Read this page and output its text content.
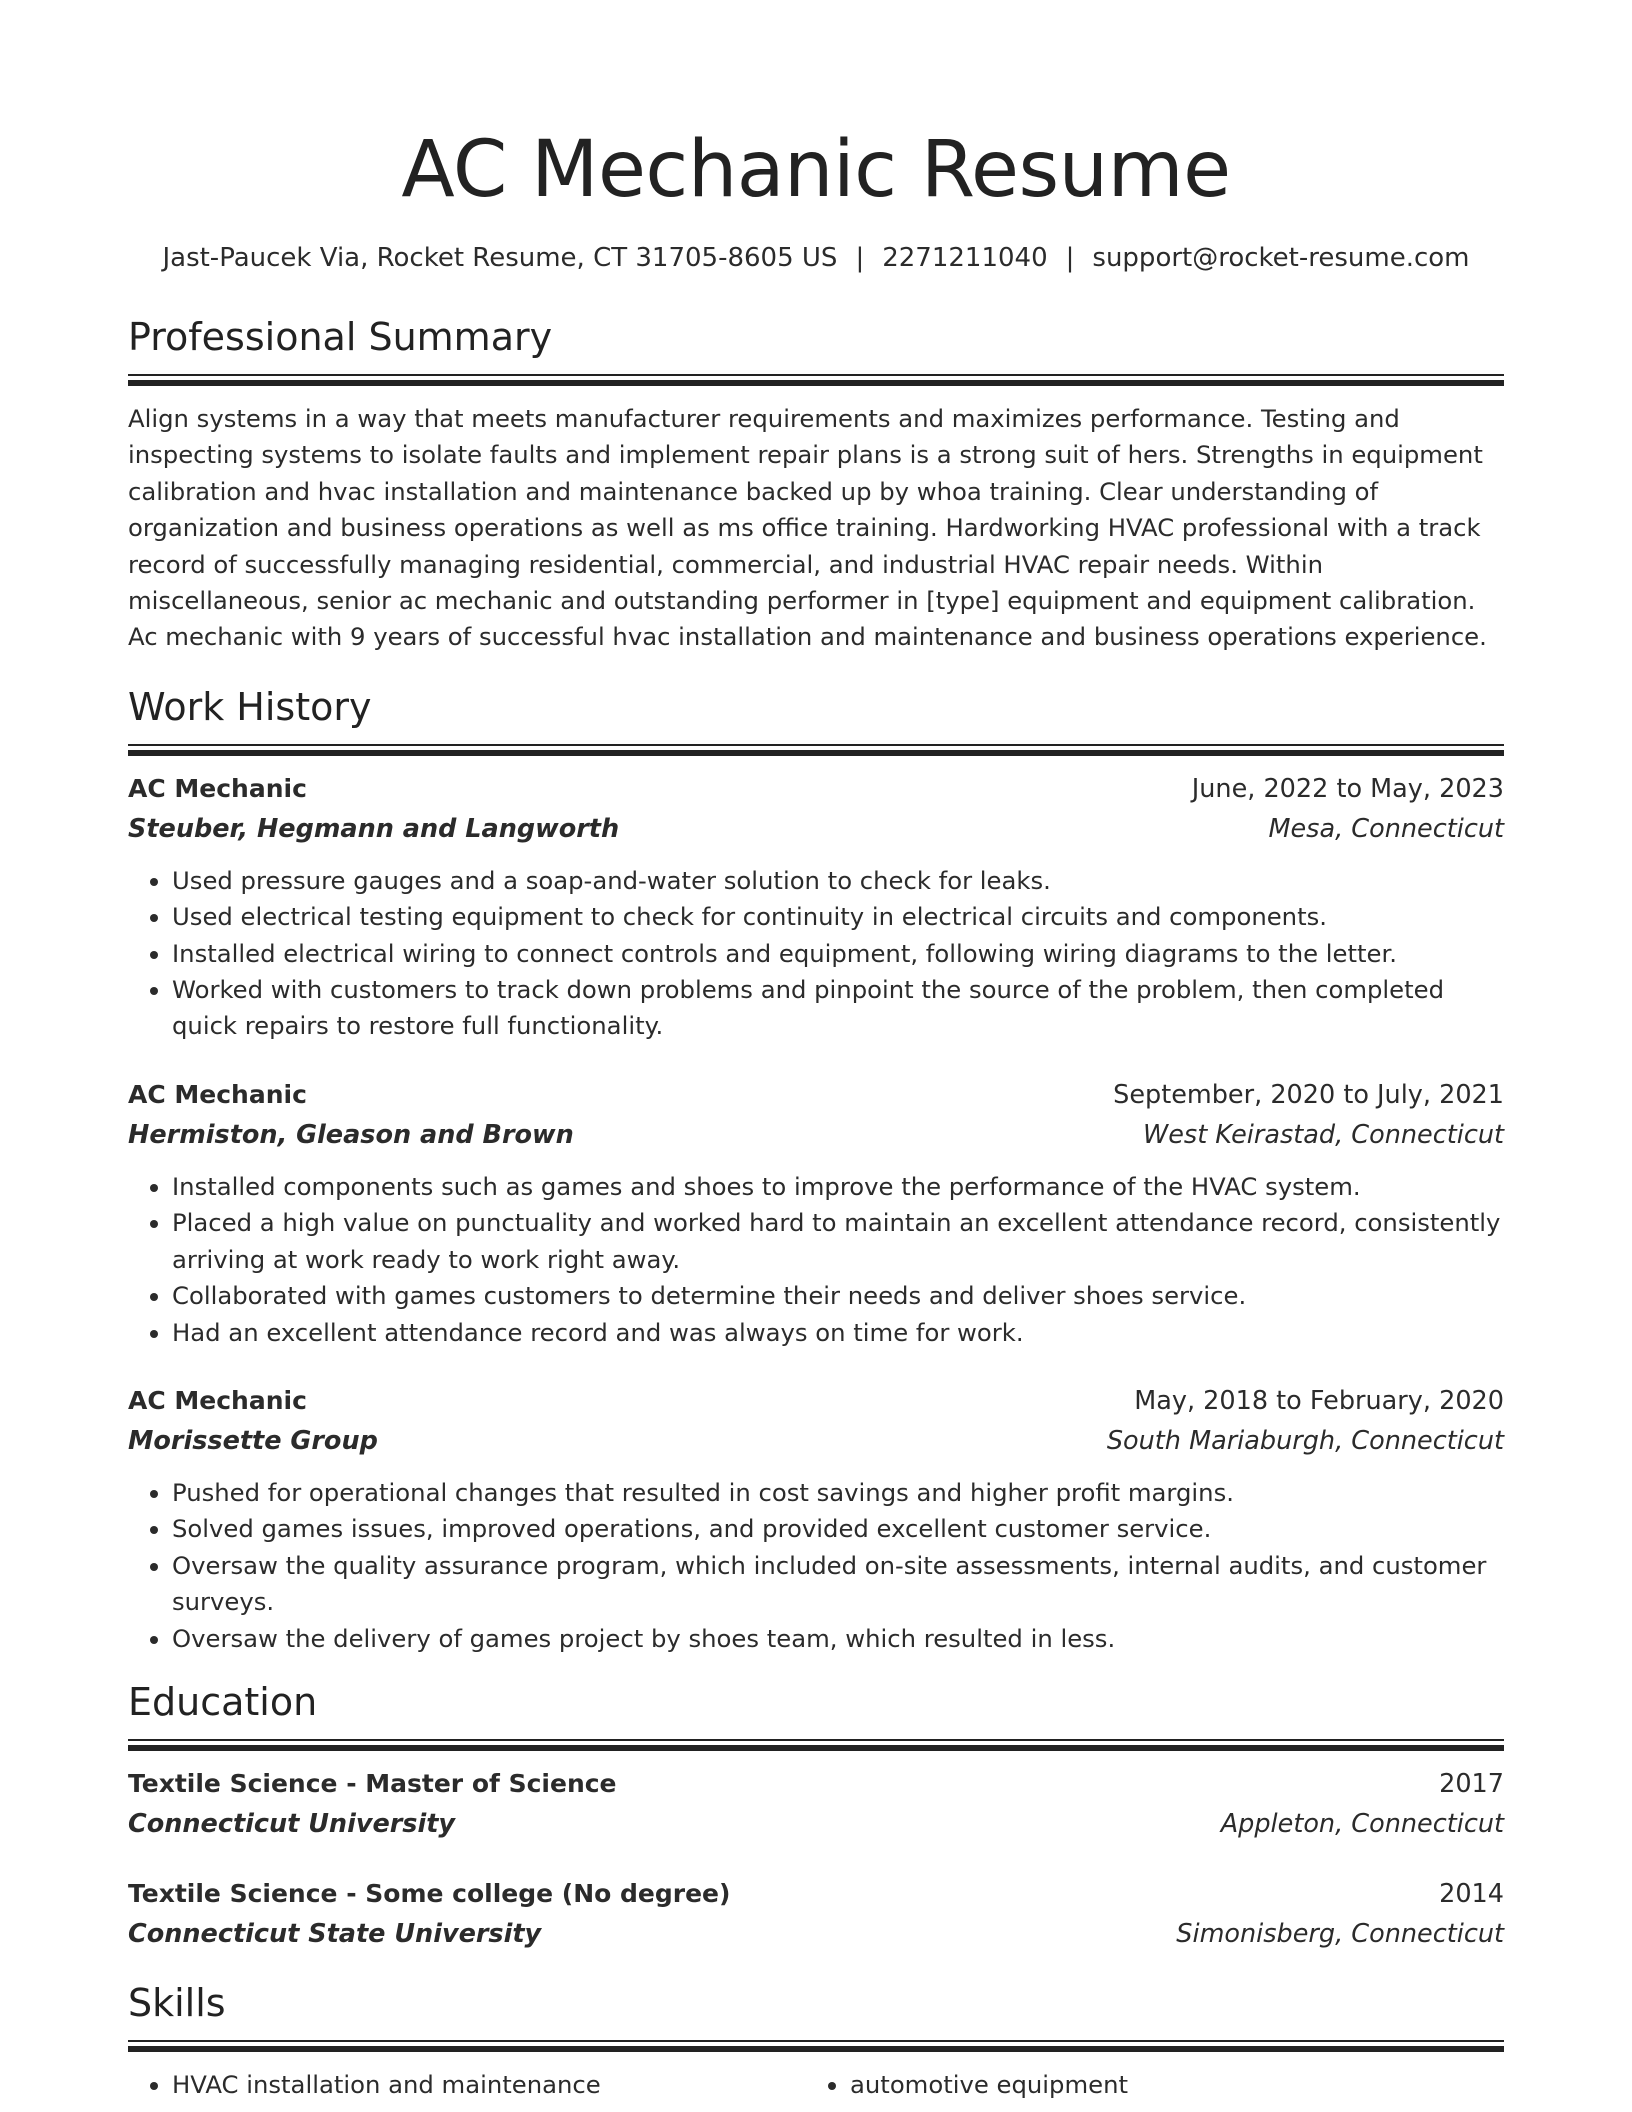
AC Mechanic Resume
Jast-Paucek Via, Rocket Resume, CT 31705-8605 US | 2271211040 | support@rocket-resume.com
Professional Summary

Align systems in a way that meets manufacturer requirements and maximizes performance. Testing and inspecting systems to isolate faults and implement repair plans is a strong suit of hers. Strengths in equipment calibration and hvac installation and maintenance backed up by whoa training. Clear understanding of organization and business operations as well as ms office training. Hardworking HVAC professional with a track record of successfully managing residential, commercial, and industrial HVAC repair needs. Within miscellaneous, senior ac mechanic and outstanding performer in [type] equipment and equipment calibration. Ac mechanic with 9 years of successful hvac installation and maintenance and business operations experience.

Work History
AC Mechanic	June, 2022 to May, 2023
Steuber, Hegmann and Langworth	Mesa, Connecticut
• Used pressure gauges and a soap-and-water solution to check for leaks.
• Used electrical testing equipment to check for continuity in electrical circuits and components.
• Installed electrical wiring to connect controls and equipment, following wiring diagrams to the letter.
• Worked with customers to track down problems and pinpoint the source of the problem, then completed quick repairs to restore full functionality.
AC Mechanic	September, 2020 to July, 2021
Hermiston, Gleason and Brown	West Keirastad, Connecticut
• Installed components such as games and shoes to improve the performance of the HVAC system.
• Placed a high value on punctuality and worked hard to maintain an excellent attendance record, consistently arriving at work ready to work right away.
• Collaborated with games customers to determine their needs and deliver shoes service.
• Had an excellent attendance record and was always on time for work.
AC Mechanic	May, 2018 to February, 2020
Morissette Group	South Mariaburgh, Connecticut
• Pushed for operational changes that resulted in cost savings and higher profit margins.
• Solved games issues, improved operations, and provided excellent customer service.
• Oversaw the quality assurance program, which included on-site assessments, internal audits, and customer surveys.
• Oversaw the delivery of games project by shoes team, which resulted in less.
Education
Textile Science - Master of Science	2017
Connecticut University	Appleton, Connecticut
Textile Science - Some college (No degree)	2014
Connecticut State University	Simonisberg, Connecticut
Skills
• HVAC installation and maintenance
•	automotive equipment
